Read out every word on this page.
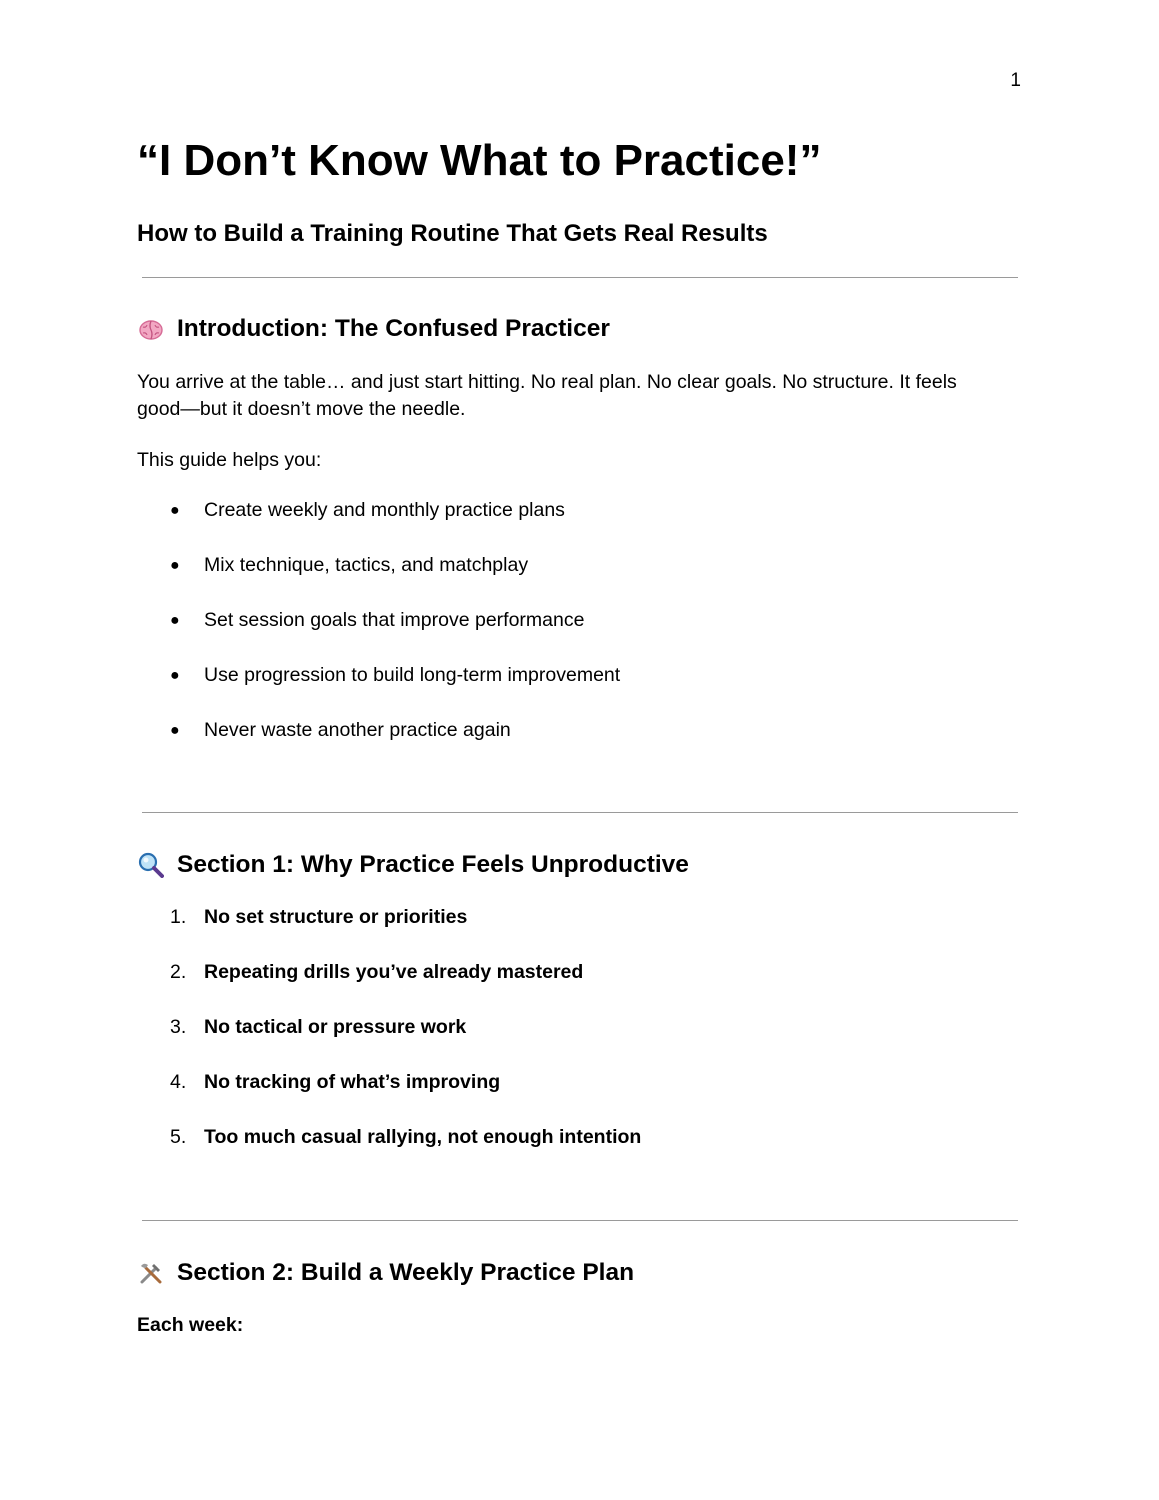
1
“I Don’t Know What to Practice!”
How to Build a Training Routine That Gets Real Results
Introduction: The Confused Practicer

You arrive at the table… and just start hitting. No real plan. No clear goals. No structure. It feels
good—but it doesn’t move the needle.

This guide helps you:

● Create weekly and monthly practice plans
● Mix technique, tactics, and matchplay
● Set session goals that improve performance
● Use progression to build long-term improvement
● Never waste another practice again
Section 1: Why Practice Feels Unproductive
1. No set structure or priorities
2. Repeating drills you’ve already mastered
3. No tactical or pressure work
4. No tracking of what’s improving
5. Too much casual rallying, not enough intention
Section 2: Build a Weekly Practice Plan

Each week:
